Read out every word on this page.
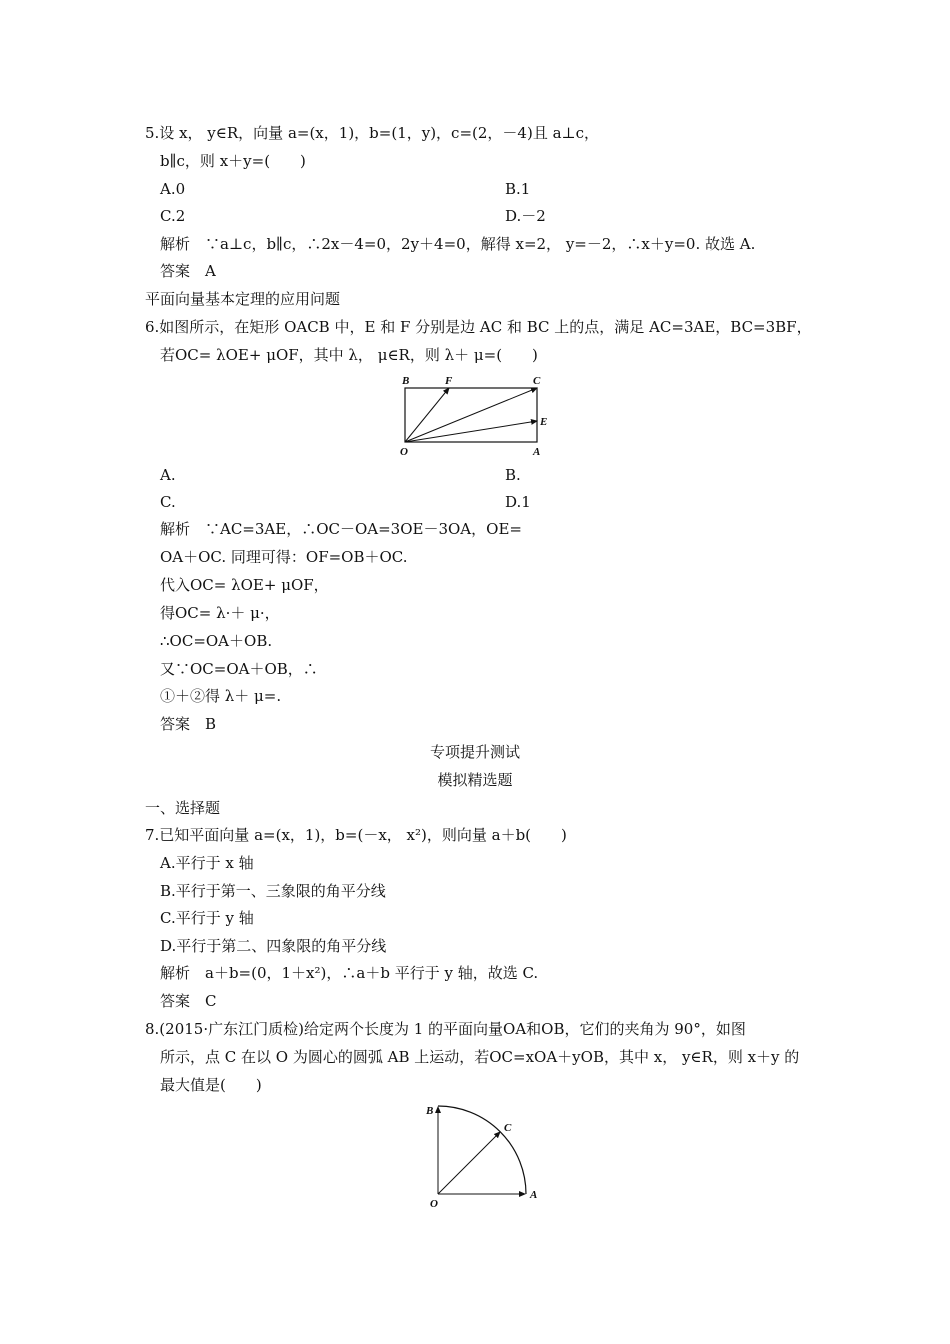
5.设 x， y∈R，向量 a=(x，1)，b=(1，y)，c=(2，－4)且 a⊥c，
b∥c，则 x＋y=(　　)
A.0	B.1
C.2	D.－2
解析　∵a⊥c，b∥c，∴2x－4=0，2y＋4=0，解得 x=2， y=－2，∴x＋y=0. 故选 A.
答案　A
平面向量基本定理的应用问题
6.如图所示，在矩形 OACB 中，E 和 F 分别是边 AC 和 BC 上的点，满足 AC=3AE，BC=3BF，
若OC= λOE+ μOF，其中 λ， μ∈R，则 λ＋ μ=(　　)
B	F	C
E
O	A
A.	B.
C.	D.1
解析　∵AC=3AE，∴OC－OA=3OE－3OA，OE=
OA＋OC. 同理可得：OF=OB＋OC.
代入OC= λOE+ μOF，
得OC= λ·＋ μ·，
∴OC=OA＋OB.
又∵OC=OA＋OB，∴
①＋②得 λ＋ μ=.
答案　B
专项提升测试
模拟精选题
一、选择题
7.已知平面向量 a=(x，1)，b=(－x， x²)，则向量 a＋b(　　)
A.平行于 x 轴
B.平行于第一、三象限的角平分线
C.平行于 y 轴
D.平行于第二、四象限的角平分线
解析　a＋b=(0，1＋x²)，∴a＋b 平行于 y 轴，故选 C.
答案　C
8.(2015·广东江门质检)给定两个长度为 1 的平面向量OA和OB，它们的夹角为 90°，如图
所示，点 C 在以 O 为圆心的圆弧 AB 上运动，若OC=xOA＋yOB，其中 x， y∈R，则 x＋y 的
最大值是(　　)
B
C
O
A
